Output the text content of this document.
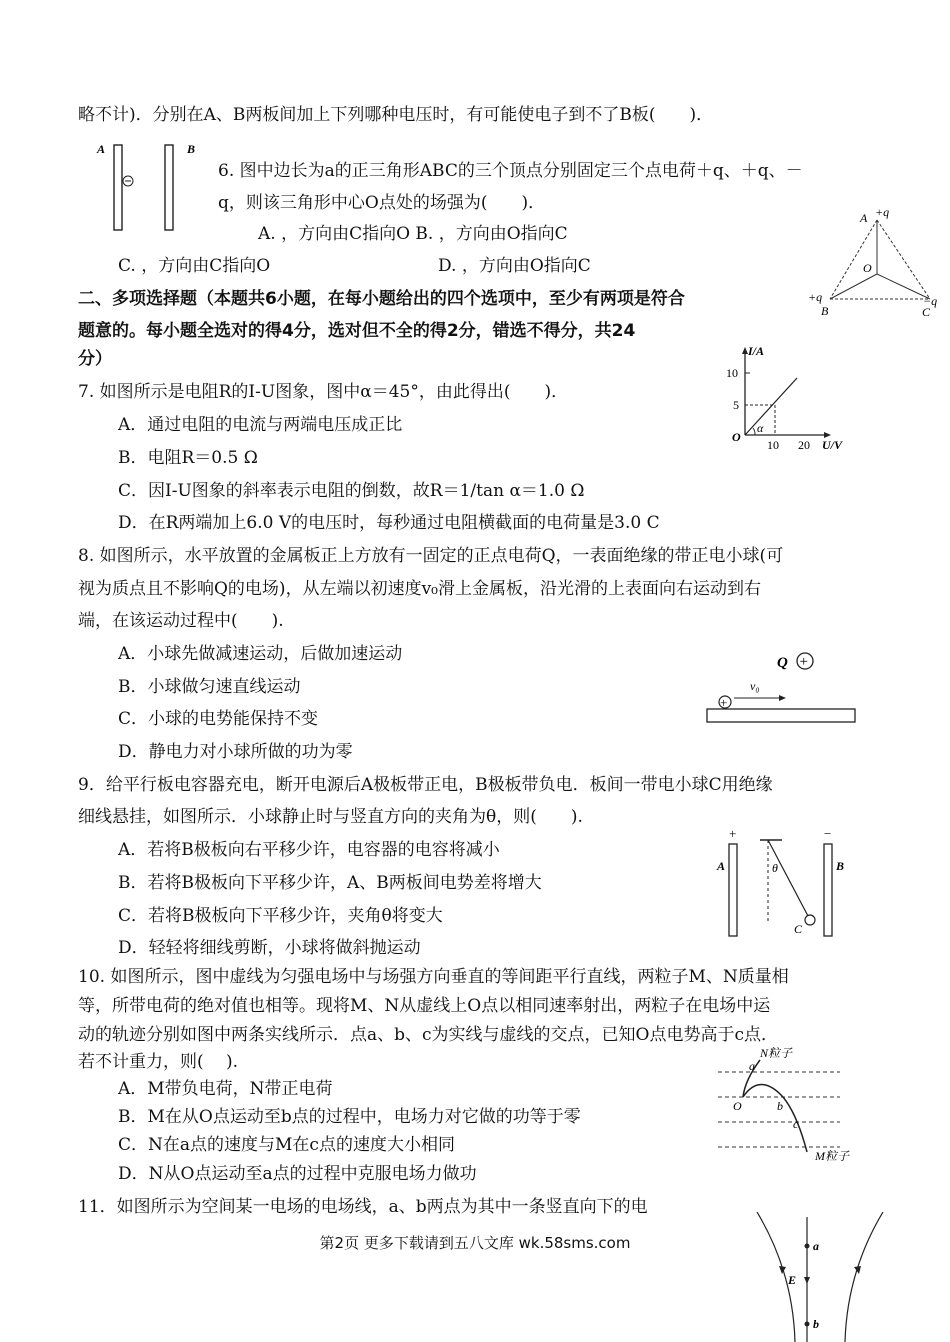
略不计)．分别在A、B两板间加上下列哪种电压时，有可能使电子到不了B板(　　)．
6. 图中边长为a的正三角形ABC的三个顶点分别固定三个点电荷＋q、＋q、－
q，则该三角形中心O点处的场强为(　　)．
A. ，方向由C指向O B. ，方向由O指向C
C. ，方向由C指向O	D. ，方向由O指向C
二、多项选择题（本题共6小题，在每小题给出的四个选项中，至少有两项是符合
题意的。每小题全选对的得4分，选对但不全的得2分，错选不得分，共24
分）
7. 如图所示是电阻R的I-U图象，图中α＝45°，由此得出(　　)．
A．通过电阻的电流与两端电压成正比
B．电阻R＝0.5 Ω
C．因I-U图象的斜率表示电阻的倒数，故R＝1/tan α＝1.0 Ω
D．在R两端加上6.0 V的电压时，每秒通过电阻横截面的电荷量是3.0 C
8. 如图所示，水平放置的金属板正上方放有一固定的正点电荷Q，一表面绝缘的带正电小球(可
视为质点且不影响Q的电场)，从左端以初速度v₀滑上金属板，沿光滑的上表面向右运动到右
端，在该运动过程中(　　).
A．小球先做减速运动，后做加速运动
B．小球做匀速直线运动
C．小球的电势能保持不变
D．静电力对小球所做的功为零
9．给平行板电容器充电，断开电源后A极板带正电，B极板带负电．板间一带电小球C用绝缘
细线悬挂，如图所示．小球静止时与竖直方向的夹角为θ，则(　　).
A．若将B极板向右平移少许，电容器的电容将减小
B．若将B极板向下平移少许，A、B两板间电势差将增大
C．若将B极板向下平移少许，夹角θ将变大
D．轻轻将细线剪断，小球将做斜抛运动
10. 如图所示，图中虚线为匀强电场中与场强方向垂直的等间距平行直线，两粒子M、N质量相
等，所带电荷的绝对值也相等。现将M、N从虚线上O点以相同速率射出，两粒子在电场中运
动的轨迹分别如图中两条实线所示．点a、b、c为实线与虚线的交点，已知O点电势高于c点．
若不计重力，则(　 ).
A．M带负电荷，N带正电荷
B．M在从O点运动至b点的过程中，电场力对它做的功等于零
C．N在a点的速度与M在c点的速度大小相同
D．N从O点运动至a点的过程中克服电场力做功
11．如图所示为空间某一电场的电场线，a、b两点为其中一条竖直向下的电
A	B
A +q
O
+q
B
−q
C
I/A
10
5
O
α
10 20 U/V
Q +
v₀
+
+
A
−
B
θ
C
N粒子
a
O	b
c
M粒子
a
E
b
第2页 更多下载请到五八文库 wk.58sms.com
